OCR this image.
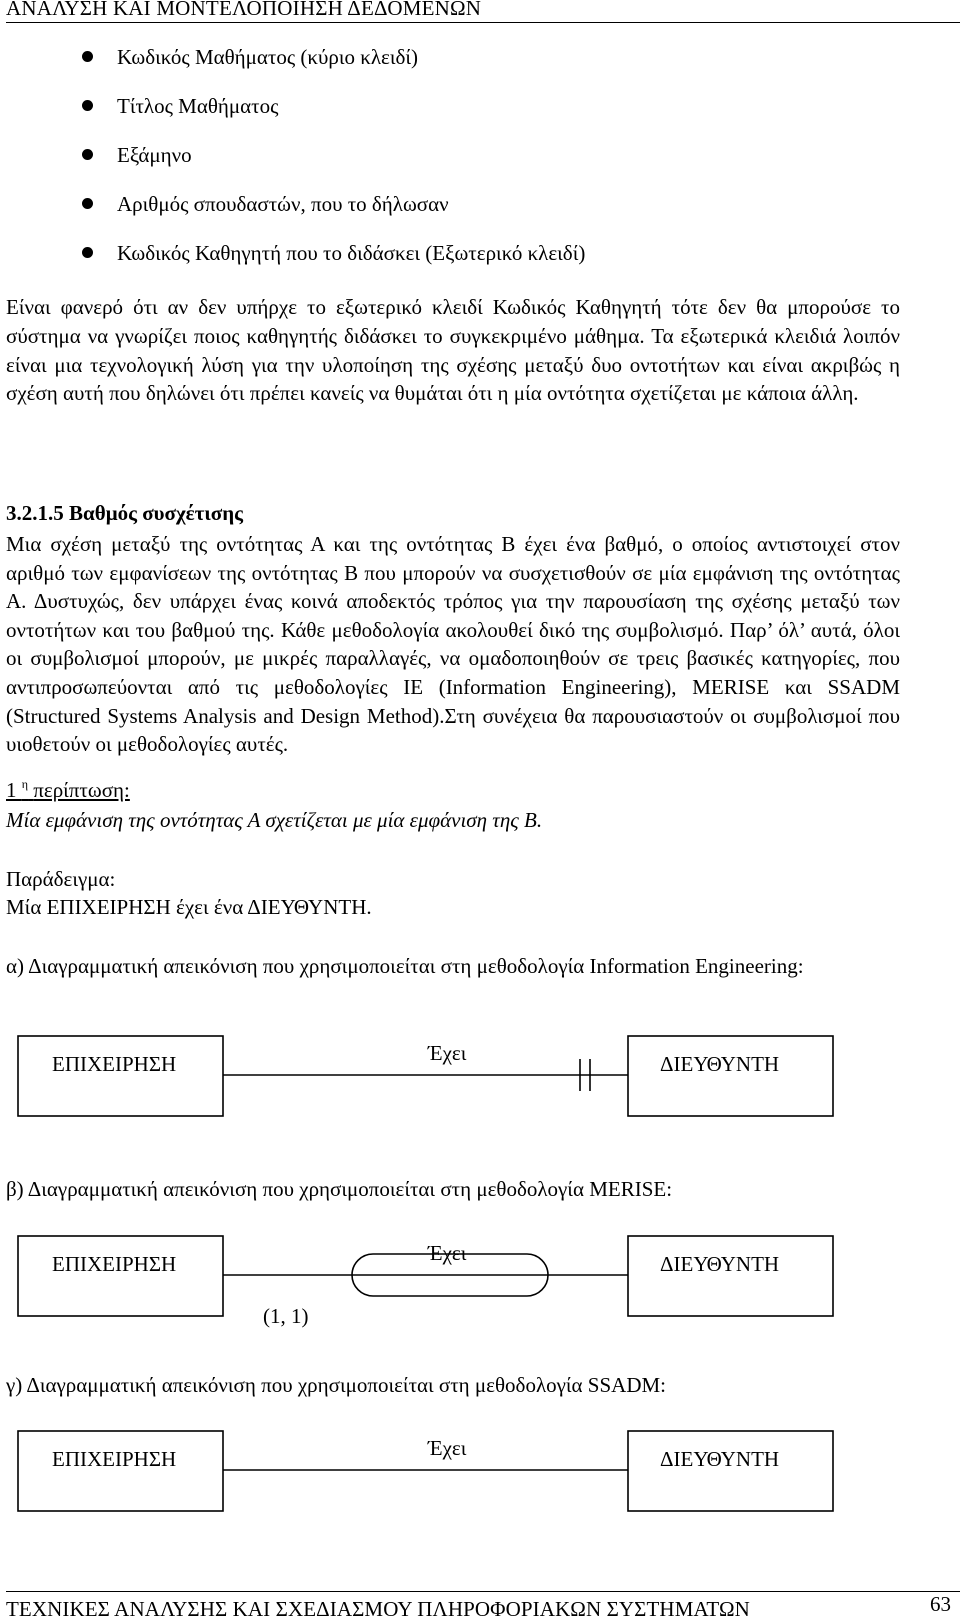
ΑΝΑΛΥΣΗ ΚΑΙ ΜΟΝΤΕΛΟΠΟΙΗΣΗ ΔΕΔΟΜΕΝΩΝ
Κωδικός Μαθήματος (κύριο κλειδί)
Τίτλος Μαθήματος
Εξάμηνο
Αριθμός σπουδαστών, που το δήλωσαν
Κωδικός Καθηγητή που το διδάσκει (Εξωτερικό κλειδί)

Είναι φανερό ότι αν δεν υπήρχε το εξωτερικό κλειδί Κωδικός Καθηγητή τότε δεν θα μπορούσε το σύστημα να γνωρίζει ποιος καθηγητής διδάσκει το συγκεκριμένο μάθημα. Τα εξωτερικά κλειδιά λοιπόν είναι μια τεχνολογική λύση για την υλοποίηση της σχέσης μεταξύ δυο οντοτήτων και είναι ακριβώς η σχέση αυτή που δηλώνει ότι πρέπει κανείς να θυμάται ότι η μία οντότητα σχετίζεται με κάποια άλλη.

3.2.1.5 Βαθμός συσχέτισης

Μια σχέση μεταξύ της οντότητας Α και της οντότητας Β έχει ένα βαθμό, ο οποίος αντιστοιχεί στον αριθμό των εμφανίσεων της οντότητας Β που μπορούν να συσχετισθούν σε μία εμφάνιση της οντότητας Α. Δυστυχώς, δεν υπάρχει ένας κοινά αποδεκτός τρόπος για την παρουσίαση της σχέσης μεταξύ των οντοτήτων και του βαθμού της. Κάθε μεθοδολογία ακολουθεί δικό της συμβολισμό. Παρ’ όλ’ αυτά, όλοι οι συμβολισμοί μπορούν, με μικρές παραλλαγές, να ομαδοποιηθούν σε τρεις βασικές κατηγορίες, που αντιπροσωπεύονται από τις μεθοδολογίες IE (Information Engineering), MERISE και SSADM (Structured Systems Analysis and Design Method).Στη συνέχεια θα παρουσιαστούν οι συμβολισμοί που υιοθετούν οι μεθοδολογίες αυτές.

1 $^\eta$ περίπτωση:
Μία εμφάνιση της οντότητας Α σχετίζεται με μία εμφάνιση της Β.
Παράδειγμα:
Μία ΕΠΙΧΕΙΡΗΣΗ έχει ένα ΔΙΕΥΘΥΝΤΗ.

α) Διαγραμματική απεικόνιση που χρησιμοποιείται στη μεθοδολογία Information Engineering:

ΕΠΙΧΕΙΡΗΣΗ	Έχει	ΔΙΕΥΘΥΝΤΗ
β) Διαγραμματική απεικόνιση που χρησιμοποιείται στη μεθοδολογία MERISE:
ΕΠΙΧΕΙΡΗΣΗ	Έχει	ΔΙΕΥΘΥΝΤΗ
(1, 1)
γ) Διαγραμματική απεικόνιση που χρησιμοποιείται στη μεθοδολογία SSADM:
ΕΠΙΧΕΙΡΗΣΗ	Έχει	ΔΙΕΥΘΥΝΤΗ
ΤΕΧΝΙΚΕΣ ΑΝΑΛΥΣΗΣ ΚΑΙ ΣΧΕΔΙΑΣΜΟΥ ΠΛΗΡΟΦΟΡΙΑΚΩΝ ΣΥΣΤΗΜΑΤΩΝ	63
